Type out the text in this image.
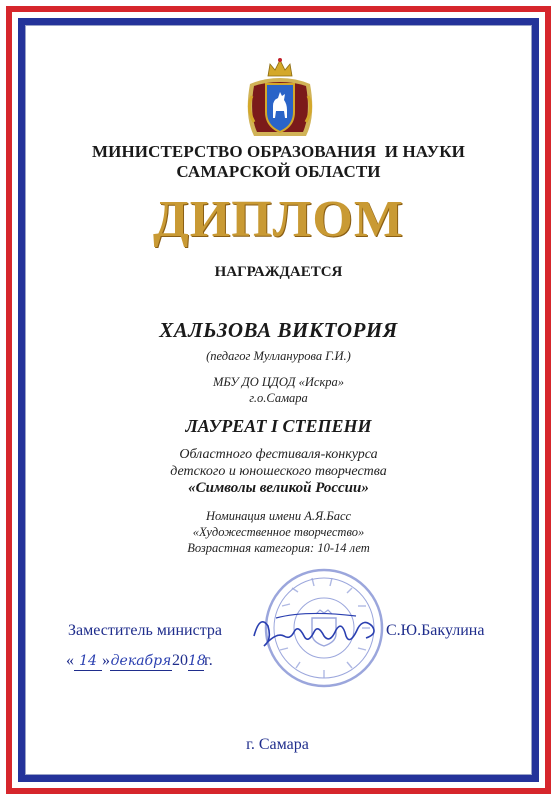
МИНИСТЕРСТВО ОБРАЗОВАНИЯ  И НАУКИ
САМАРСКОЙ ОБЛАСТИ
ДИПЛОМ
НАГРАЖДАЕТСЯ
ХАЛЬЗОВА ВИКТОРИЯ
(педагог Мулланурова Г.И.)
МБУ ДО ЦДОД «Искра»
г.о.Самара
ЛАУРЕАТ I СТЕПЕНИ
Областного фестиваля-конкурса
детского и юношеского творчества
«Символы великой России»
Номинация имени А.Я.Басс
«Художественное творчество»
Возрастная категория: 10-14 лет
Заместитель министра	С.Ю.Бакулина
« 14 »декабря2018г.
г. Самара
